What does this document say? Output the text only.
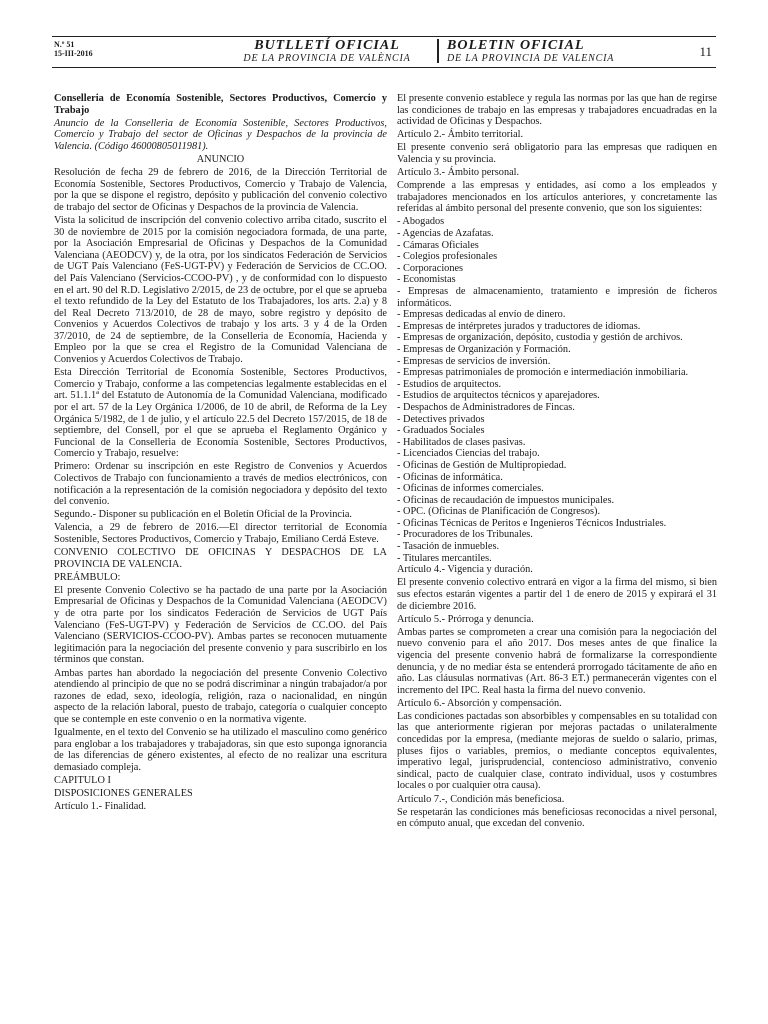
N.º 51
15-III-2016
BUTLLETÍ OFICIAL
DE LA PROVINCIA DE VALÈNCIA
BOLETIN OFICIAL
DE LA PROVINCIA DE VALENCIA	11

Conselleria de Economía Sostenible, Sectores Productivos, Comercio y Trabajo

Anuncio de la Conselleria de Economía Sostenible, Sectores Productivos, Comercio y Trabajo del sector de Oficinas y Despachos de la provincia de Valencia. (Código 46000805011981).

ANUNCIO

Resolución de fecha 29 de febrero de 2016, de la Dirección Territorial de Economía Sostenible, Sectores Productivos, Comercio y Trabajo de Valencia, por la que se dispone el registro, depósito y publicación del convenio colectivo de trabajo del sector de Oficinas y Despachos de la provincia de Valencia.

Vista la solicitud de inscripción del convenio colectivo arriba citado, suscrito el 30 de noviembre de 2015 por la comisión negociadora formada, de una parte, por la Asociación Empresarial de Oficinas y Despachos de la Comunidad Valenciana (AEODCV) y, de la otra, por los sindicatos Federación de Servicios de UGT País Valenciano (FeS-UGT-PV) y Federación de Servicios de CC.OO. del País Valenciano (Servicios-CCOO-PV) , y de conformidad con lo dispuesto en el art. 90 del R.D. Legislativo 2/2015, de 23 de octubre, por el que se aprueba el texto refundido de la Ley del Estatuto de los Trabajadores, los arts. 2.a) y 8 del Real Decreto 713/2010, de 28 de mayo, sobre registro y depósito de Convenios y Acuerdos Colectivos de trabajo y los arts. 3 y 4 de la Orden 37/2010, de 24 de septiembre, de la Conselleria de Economía, Hacienda y Empleo por la que se crea el Registro de la Comunidad Valenciana de Convenios y Acuerdos Colectivos de Trabajo.

Esta Dirección Territorial de Economía Sostenible, Sectores Productivos, Comercio y Trabajo, conforme a las competencias legalmente establecidas en el art. 51.1.1ª del Estatuto de Autonomía de la Comunidad Valenciana, modificado por el art. 57 de la Ley Orgánica 1/2006, de 10 de abril, de Reforma de la Ley Orgánica 5/1982, de 1 de julio, y el artículo 22.5 del Decreto 157/2015, de 18 de septiembre, del Consell, por el que se aprueba el Reglamento Orgánico y Funcional de la Conselleria de Economía Sostenible, Sectores Productivos, Comercio y Trabajo, resuelve:

Primero: Ordenar su inscripción en este Registro de Convenios y Acuerdos Colectivos de Trabajo con funcionamiento a través de medios electrónicos, con notificación a la representación de la comisión negociadora y depósito del texto del convenio.

Segundo.- Disponer su publicación en el Boletín Oficial de la Provincia.

Valencia, a 29 de febrero de 2016.—El director territorial de Economía Sostenible, Sectores Productivos, Comercio y Trabajo, Emiliano Cerdá Esteve.

CONVENIO COLECTIVO DE OFICINAS Y DESPACHOS DE LA PROVINCIA DE VALENCIA.

PREÁMBULO:

El presente Convenio Colectivo se ha pactado de una parte por la Asociación Empresarial de Oficinas y Despachos de la Comunidad Valenciana (AEODCV) y de otra parte por los sindicatos Federación de Servicios de UGT País Valenciano (FeS-UGT-PV) y Federación de Servicios de CC.OO. del País Valenciano (SERVICIOS-CCOO-PV). Ambas partes se reconocen mutuamente legitimación para la negociación del presente convenio y para suscribirlo en los términos que constan.

Ambas partes han abordado la negociación del presente Convenio Colectivo atendiendo al principio de que no se podrá discriminar a ningún trabajador/a por razones de edad, sexo, ideología, religión, raza o nacionalidad, en ningún aspecto de la relación laboral, puesto de trabajo, categoría o cualquier concepto que se contemple en este convenio o en la normativa vigente.

Igualmente, en el texto del Convenio se ha utilizado el masculino como genérico para englobar a los trabajadores y trabajadoras, sin que esto suponga ignorancia de las diferencias de género existentes, al efecto de no realizar una escritura demasiado compleja.

CAPITULO I

DISPOSICIONES GENERALES

Artículo 1.- Finalidad.

El presente convenio establece y regula las normas por las que han de regirse las condiciones de trabajo en las empresas y trabajadores encuadradas en la actividad de Oficinas y Despachos.

Artículo 2.- Ámbito territorial.

El presente convenio será obligatorio para las empresas que radiquen en Valencia y su provincia.

Artículo 3.- Ámbito personal.

Comprende a las empresas y entidades, así como a los empleados y trabajadores mencionados en los artículos anteriores, y concretamente las referidas al ámbito personal del presente convenio, que son los siguientes:

- Abogados

- Agencias de Azafatas.

- Cámaras Oficiales

- Colegios profesionales

- Corporaciones

- Economistas

- Empresas de almacenamiento, tratamiento e impresión de ficheros informáticos.

- Empresas dedicadas al envío de dinero.

- Empresas de intérpretes jurados y traductores de idiomas.

- Empresas de organización, depósito, custodia y gestión de archivos.

- Empresas de Organización y Formación.

- Empresas de servicios de inversión.

- Empresas patrimoniales de promoción e intermediación inmobiliaria.

- Estudios de arquitectos.

- Estudios de arquitectos técnicos y aparejadores.

- Despachos de Administradores de Fincas.

- Detectives privados

- Graduados Sociales

- Habilitados de clases pasivas.

- Licenciados Ciencias del trabajo.

- Oficinas de Gestión de Multipropiedad.

- Oficinas de informática.

- Oficinas de informes comerciales.

- Oficinas de recaudación de impuestos municipales.

- OPC. (Oficinas de Planificación de Congresos).

- Oficinas Técnicas de Peritos e Ingenieros Técnicos Industriales.

- Procuradores de los Tribunales.

- Tasación de inmuebles.

- Titulares mercantiles.

Artículo 4.- Vigencia y duración.

El presente convenio colectivo entrará en vigor a la firma del mismo, si bien sus efectos estarán vigentes a partir del 1 de enero de 2015 y expirará el 31 de diciembre 2016.

Artículo 5.- Prórroga y denuncia.

Ambas partes se comprometen a crear una comisión para la negociación del nuevo convenio para el año 2017. Dos meses antes de que finalice la vigencia del presente convenio habrá de formalizarse la correspondiente denuncia, y de no mediar ésta se entenderá prorrogado tácitamente de año en año. Las cláusulas normativas (Art. 86-3 ET.) permanecerán vigentes con el incremento del IPC. Real hasta la firma del nuevo convenio.

Artículo 6.- Absorción y compensación.

Las condiciones pactadas son absorbibles y compensables en su totalidad con las que anteriormente rigieran por mejoras pactadas o unilateralmente concedidas por la empresa, (mediante mejoras de sueldo o salario, primas, pluses fijos o variables, premios, o mediante conceptos equivalentes, imperativo legal, jurisprudencial, contencioso administrativo, convenio sindical, pacto de cualquier clase, contrato individual, usos y costumbres locales o por cualquier otra causa).

Artículo 7.-, Condición más beneficiosa.

Se respetarán las condiciones más beneficiosas reconocidas a nivel personal, en cómputo anual, que excedan del convenio.
